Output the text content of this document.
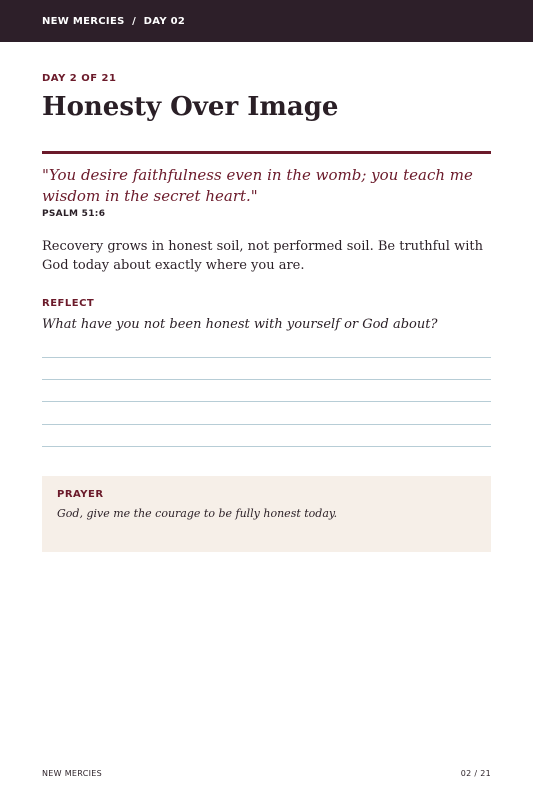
NEW MERCIES  /  DAY 02
DAY 2 OF 21
Honesty Over Image

"You desire faithfulness even in the womb; you teach me wisdom in the secret heart."

PSALM 51:6

Recovery grows in honest soil, not performed soil. Be truthful with God today about exactly where you are.

REFLECT

What have you not been honest with yourself or God about?

PRAYER

God, give me the courage to be fully honest today.

NEW MERCIES	02 / 21
